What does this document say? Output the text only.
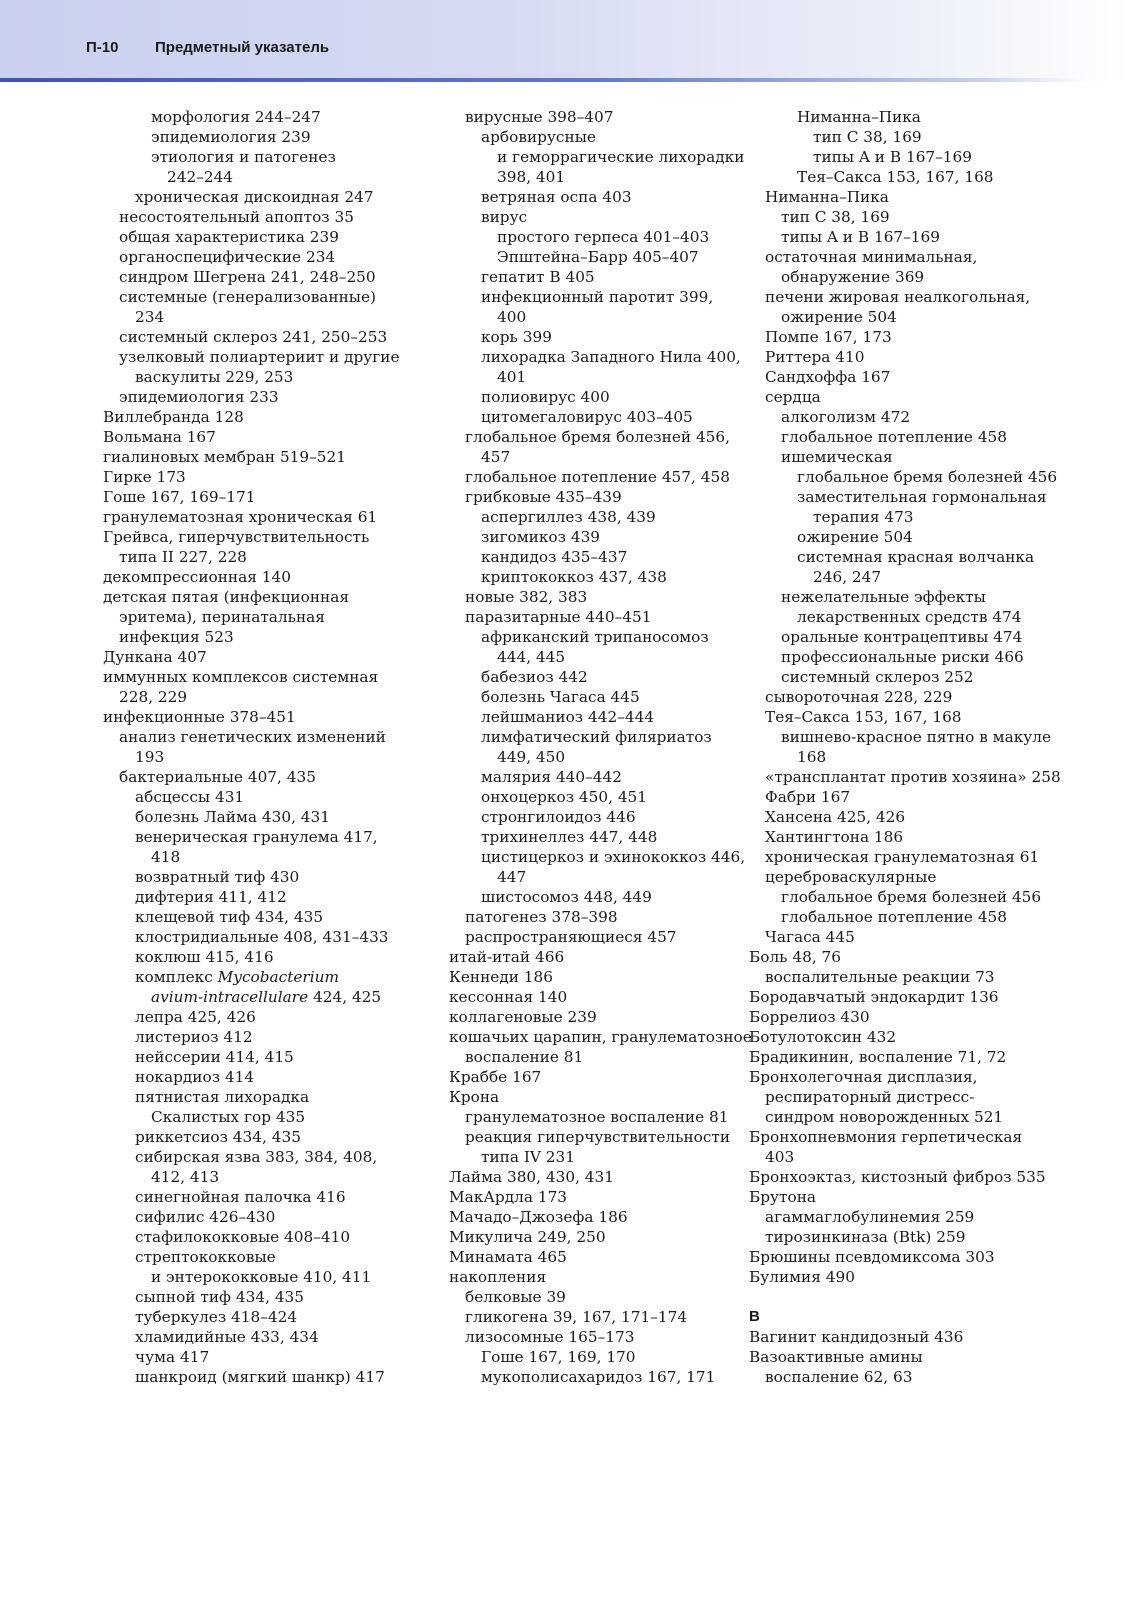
П-10 Предметный указатель
морфология 244–247
эпидемиология 239
этиология и патогенез
242–244
хроническая дискоидная 247
несостоятельный апоптоз 35
общая характеристика 239
органоспецифические 234
синдром Шегрена 241, 248–250
системные (генерализованные)
234
системный склероз 241, 250–253
узелковый полиартериит и другие
васкулиты 229, 253
эпидемиология 233
Виллебранда 128
Вольмана 167
гиалиновых мембран 519–521
Гирке 173
Гоше 167, 169–171
гранулематозная хроническая 61
Грейвса, гиперчувствительность
типа II 227, 228
декомпрессионная 140
детская пятая (инфекционная
эритема), перинатальная
инфекция 523
Дункана 407
иммунных комплексов системная
228, 229
инфекционные 378–451
анализ генетических изменений
193
бактериальные 407, 435
абсцессы 431
болезнь Лайма 430, 431
венерическая гранулема 417,
418
возвратный тиф 430
дифтерия 411, 412
клещевой тиф 434, 435
клостридиальные 408, 431–433
коклюш 415, 416
комплекс Mycobacterium
avium-intracellulare 424, 425
лепра 425, 426
листериоз 412
нейссерии 414, 415
нокардиоз 414
пятнистая лихорадка
Скалистых гор 435
риккетсиоз 434, 435
сибирская язва 383, 384, 408,
412, 413
синегнойная палочка 416
сифилис 426–430
стафилококковые 408–410
стрептококковые
и энтерококковые 410, 411
сыпной тиф 434, 435
туберкулез 418–424
хламидийные 433, 434
чума 417
шанкроид (мягкий шанкр) 417
вирусные 398–407
арбовирусные
и геморрагические лихорадки
398, 401
ветряная оспа 403
вирус
простого герпеса 401–403
Эпштейна–Барр 405–407
гепатит B 405
инфекционный паротит 399,
400
корь 399
лихорадка Западного Нила 400,
401
полиовирус 400
цитомегаловирус 403–405
глобальное бремя болезней 456,
457
глобальное потепление 457, 458
грибковые 435–439
аспергиллез 438, 439
зигомикоз 439
кандидоз 435–437
криптококкоз 437, 438
новые 382, 383
паразитарные 440–451
африканский трипаносомоз
444, 445
бабезиоз 442
болезнь Чагаса 445
лейшманиоз 442–444
лимфатический филяриатоз
449, 450
малярия 440–442
онхоцеркоз 450, 451
стронгилоидоз 446
трихинеллез 447, 448
цистицеркоз и эхинококкоз 446,
447
шистосомоз 448, 449
патогенез 378–398
распространяющиеся 457
итай-итай 466
Кеннеди 186
кессонная 140
коллагеновые 239
кошачьих царапин, гранулематозное
воспаление 81
Краббе 167
Крона
гранулематозное воспаление 81
реакция гиперчувствительности
типа IV 231
Лайма 380, 430, 431
МакАрдла 173
Мачадо–Джозефа 186
Микулича 249, 250
Минамата 465
накопления
белковые 39
гликогена 39, 167, 171–174
лизосомные 165–173
Гоше 167, 169, 170
мукополисахаридоз 167, 171
Ниманна–Пика
тип C 38, 169
типы A и B 167–169
Тея–Сакса 153, 167, 168
Ниманна–Пика
тип C 38, 169
типы A и B 167–169
остаточная минимальная,
обнаружение 369
печени жировая неалкогольная,
ожирение 504
Помпе 167, 173
Риттера 410
Сандхоффа 167
сердца
алкоголизм 472
глобальное потепление 458
ишемическая
глобальное бремя болезней 456
заместительная гормональная
терапия 473
ожирение 504
системная красная волчанка
246, 247
нежелательные эффекты
лекарственных средств 474
оральные контрацептивы 474
профессиональные риски 466
системный склероз 252
сывороточная 228, 229
Тея–Сакса 153, 167, 168
вишнево-красное пятно в макуле
168
«трансплантат против хозяина» 258
Фабри 167
Хансена 425, 426
Хантингтона 186
хроническая гранулематозная 61
цереброваскулярные
глобальное бремя болезней 456
глобальное потепление 458
Чагаса 445
Боль 48, 76
воспалительные реакции 73
Бородавчатый эндокардит 136
Боррелиоз 430
Ботулотоксин 432
Брадикинин, воспаление 71, 72
Бронхолегочная дисплазия,
респираторный дистресс-
синдром новорожденных 521
Бронхопневмония герпетическая
403
Бронхоэктаз, кистозный фиброз 535
Брутона
агаммаглобулинемия 259
тирозинкиназа (Btk) 259
Брюшины псевдомиксома 303
Булимия 490
В
Вагинит кандидозный 436
Вазоактивные амины
воспаление 62, 63
